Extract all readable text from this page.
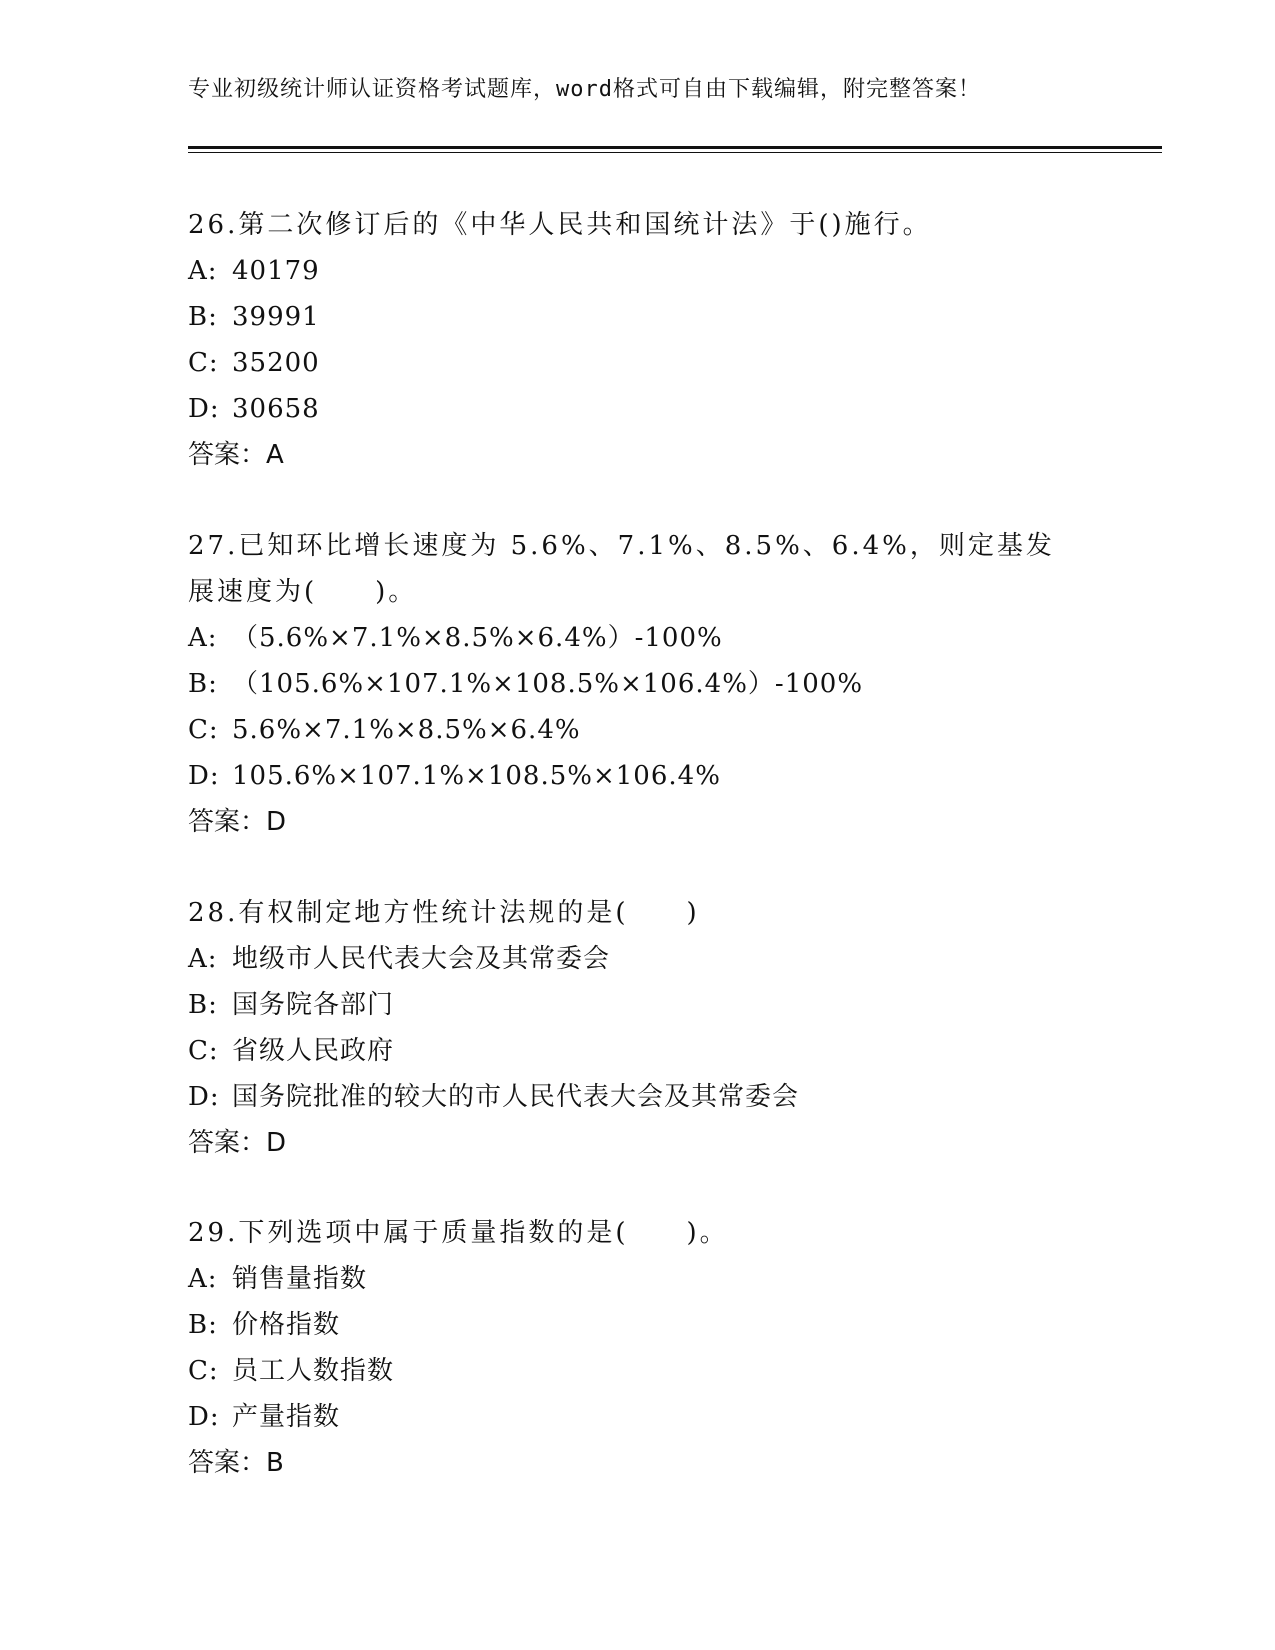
专业初级统计师认证资格考试题库，word格式可自由下载编辑，附完整答案！
26.第二次修订后的《中华人民共和国统计法》于()施行。
A: 40179
B: 39991
C: 35200
D: 30658
答案：A
27.已知环比增长速度为 5.6%、7.1%、8.5%、6.4%，则定基发展速度为(　　)。
A: （5.6%×7.1%×8.5%×6.4%）-100%
B: （105.6%×107.1%×108.5%×106.4%）-100%
C: 5.6%×7.1%×8.5%×6.4%
D: 105.6%×107.1%×108.5%×106.4%
答案：D
28.有权制定地方性统计法规的是(　　)
A: 地级市人民代表大会及其常委会
B: 国务院各部门
C: 省级人民政府
D: 国务院批准的较大的市人民代表大会及其常委会
答案：D
29.下列选项中属于质量指数的是(　　)。
A: 销售量指数
B: 价格指数
C: 员工人数指数
D: 产量指数
答案：B
